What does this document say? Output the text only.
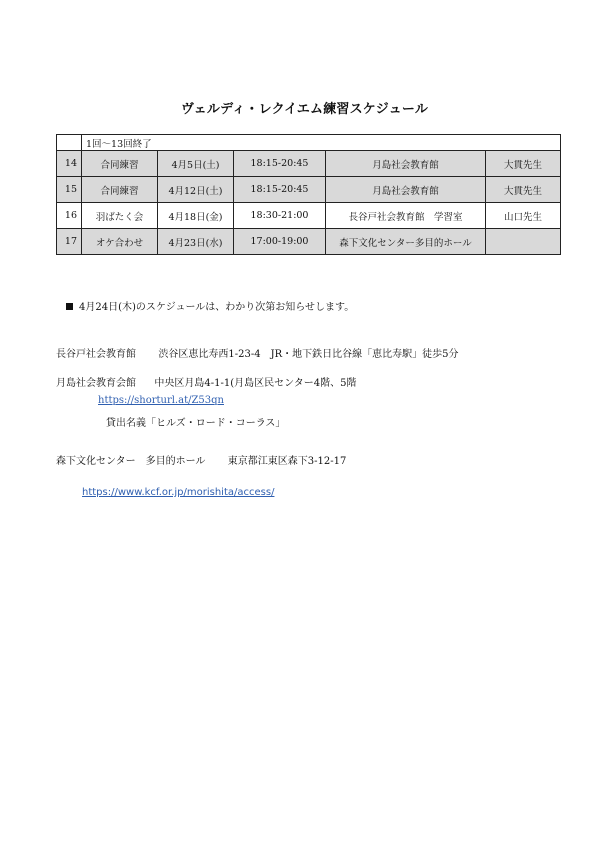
ヴェルディ・レクイエム練習スケジュール
	1回～13回終了				
14	合同練習	4月5日(土)	18:15-20:45	月島社会教育館	大貫先生
15	合同練習	4月12日(土)	18:15-20:45	月島社会教育館	大貫先生
16	羽ばたく会	4月18日(金)	18:30-21:00	長谷戸社会教育館　学習室	山口先生
17	オケ合わせ	4月23日(水)	17:00-19:00	森下文化センター多目的ホール	
4月24日(木)のスケジュールは、わかり次第お知らせします。
長谷戸社会教育館 渋谷区恵比寿西1-23-4　JR・地下鉄日比谷線「恵比寿駅」徒歩5分
月島社会教育会館 中央区月島4-1-1(月島区民センター4階、5階
https://shorturl.at/Z53qn
貸出名義「ヒルズ・ロード・コーラス」
森下文化センター　多目的ホール 東京都江東区森下3-12-17
https://www.kcf.or.jp/morishita/access/
